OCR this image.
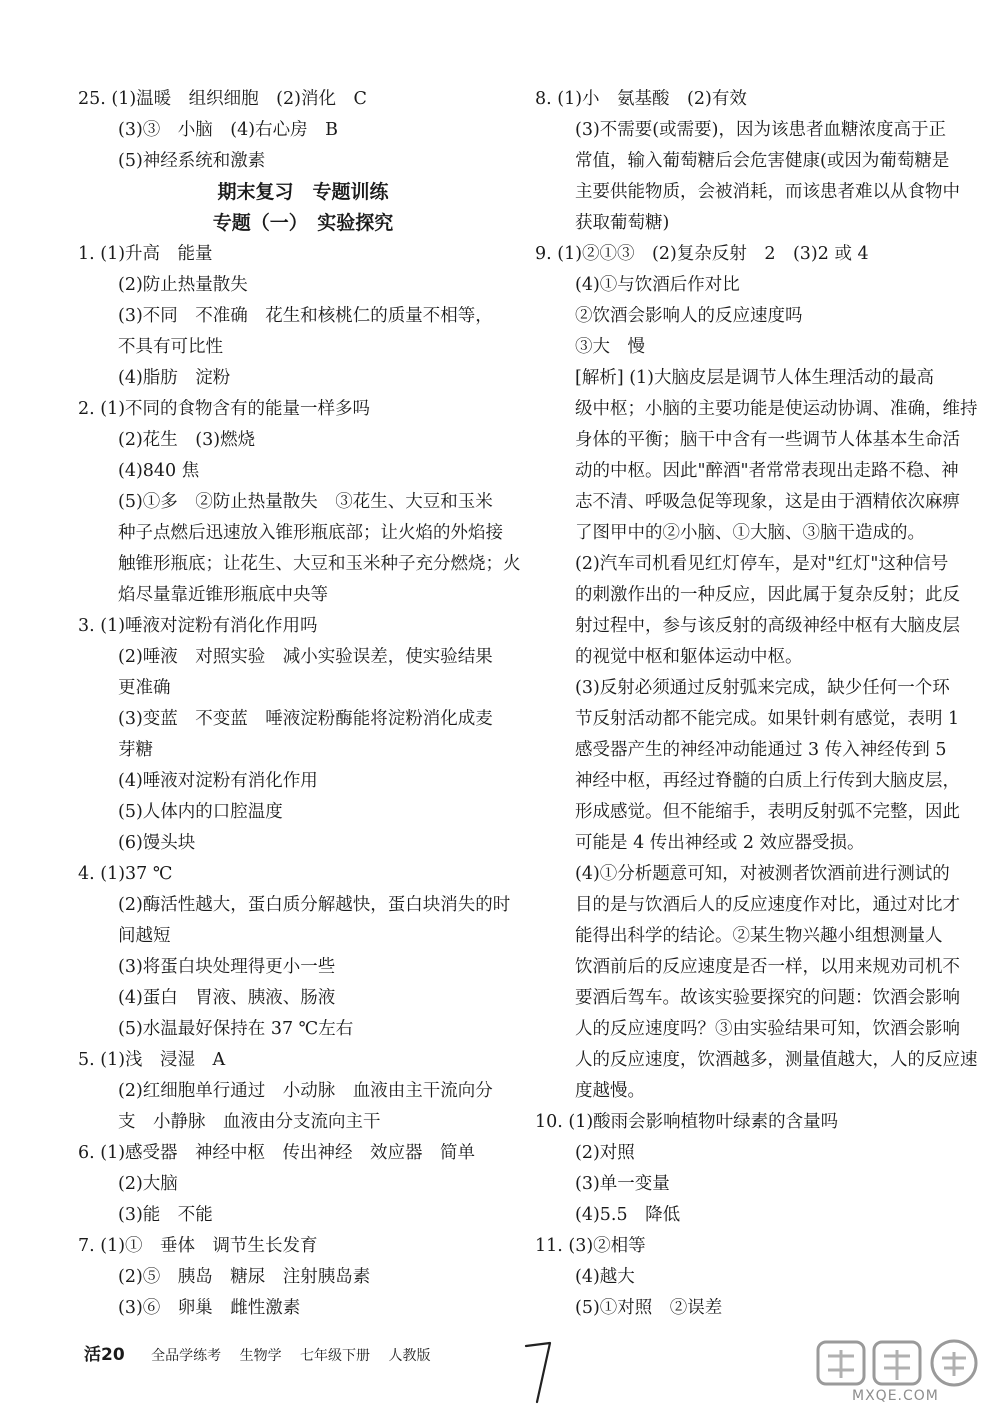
25. (1)温暖　组织细胞　(2)消化　C
(3)③　小脑　(4)右心房　B
(5)神经系统和激素
期末复习　专题训练
专题（一）　实验探究
1. (1)升高　能量
(2)防止热量散失
(3)不同　不准确　花生和核桃仁的质量不相等，
不具有可比性
(4)脂肪　淀粉
2. (1)不同的食物含有的能量一样多吗
(2)花生　(3)燃烧
(4)840 焦
(5)①多　②防止热量散失　③花生、大豆和玉米
种子点燃后迅速放入锥形瓶底部；让火焰的外焰接
触锥形瓶底；让花生、大豆和玉米种子充分燃烧；火
焰尽量靠近锥形瓶底中央等
3. (1)唾液对淀粉有消化作用吗
(2)唾液　对照实验　减小实验误差，使实验结果
更准确
(3)变蓝　不变蓝　唾液淀粉酶能将淀粉消化成麦
芽糖
(4)唾液对淀粉有消化作用
(5)人体内的口腔温度
(6)馒头块
4. (1)37 ℃
(2)酶活性越大，蛋白质分解越快，蛋白块消失的时
间越短
(3)将蛋白块处理得更小一些
(4)蛋白　胃液、胰液、肠液
(5)水温最好保持在 37 ℃左右
5. (1)浅　浸湿　A
(2)红细胞单行通过　小动脉　血液由主干流向分
支　小静脉　血液由分支流向主干
6. (1)感受器　神经中枢　传出神经　效应器　简单
(2)大脑
(3)能　不能
7. (1)①　垂体　调节生长发育
(2)⑤　胰岛　糖尿　注射胰岛素
(3)⑥　卵巢　雌性激素
8. (1)小　氨基酸　(2)有效
(3)不需要(或需要)，因为该患者血糖浓度高于正
常值，输入葡萄糖后会危害健康(或因为葡萄糖是
主要供能物质，会被消耗，而该患者难以从食物中
获取葡萄糖)
9. (1)②①③　(2)复杂反射　2　(3)2 或 4
(4)①与饮酒后作对比
②饮酒会影响人的反应速度吗
③大　慢
[解析] (1)大脑皮层是调节人体生理活动的最高
级中枢；小脑的主要功能是使运动协调、准确，维持
身体的平衡；脑干中含有一些调节人体基本生命活
动的中枢。因此"醉酒"者常常表现出走路不稳、神
志不清、呼吸急促等现象，这是由于酒精依次麻痹
了图甲中的②小脑、①大脑、③脑干造成的。
(2)汽车司机看见红灯停车，是对"红灯"这种信号
的刺激作出的一种反应，因此属于复杂反射；此反
射过程中，参与该反射的高级神经中枢有大脑皮层
的视觉中枢和躯体运动中枢。
(3)反射必须通过反射弧来完成，缺少任何一个环
节反射活动都不能完成。如果针刺有感觉，表明 1
感受器产生的神经冲动能通过 3 传入神经传到 5
神经中枢，再经过脊髓的白质上行传到大脑皮层，
形成感觉。但不能缩手，表明反射弧不完整，因此
可能是 4 传出神经或 2 效应器受损。
(4)①分析题意可知，对被测者饮酒前进行测试的
目的是与饮酒后人的反应速度作对比，通过对比才
能得出科学的结论。②某生物兴趣小组想测量人
饮酒前后的反应速度是否一样，以用来规劝司机不
要酒后驾车。故该实验要探究的问题：饮酒会影响
人的反应速度吗？③由实验结果可知，饮酒会影响
人的反应速度，饮酒越多，测量值越大，人的反应速
度越慢。
10. (1)酸雨会影响植物叶绿素的含量吗
(2)对照
(3)单一变量
(4)5.5　降低
11. (3)②相等
(4)越大
(5)①对照　②误差
活20 全品学练考 生物学 七年级下册 人教版
MXQE.COM
